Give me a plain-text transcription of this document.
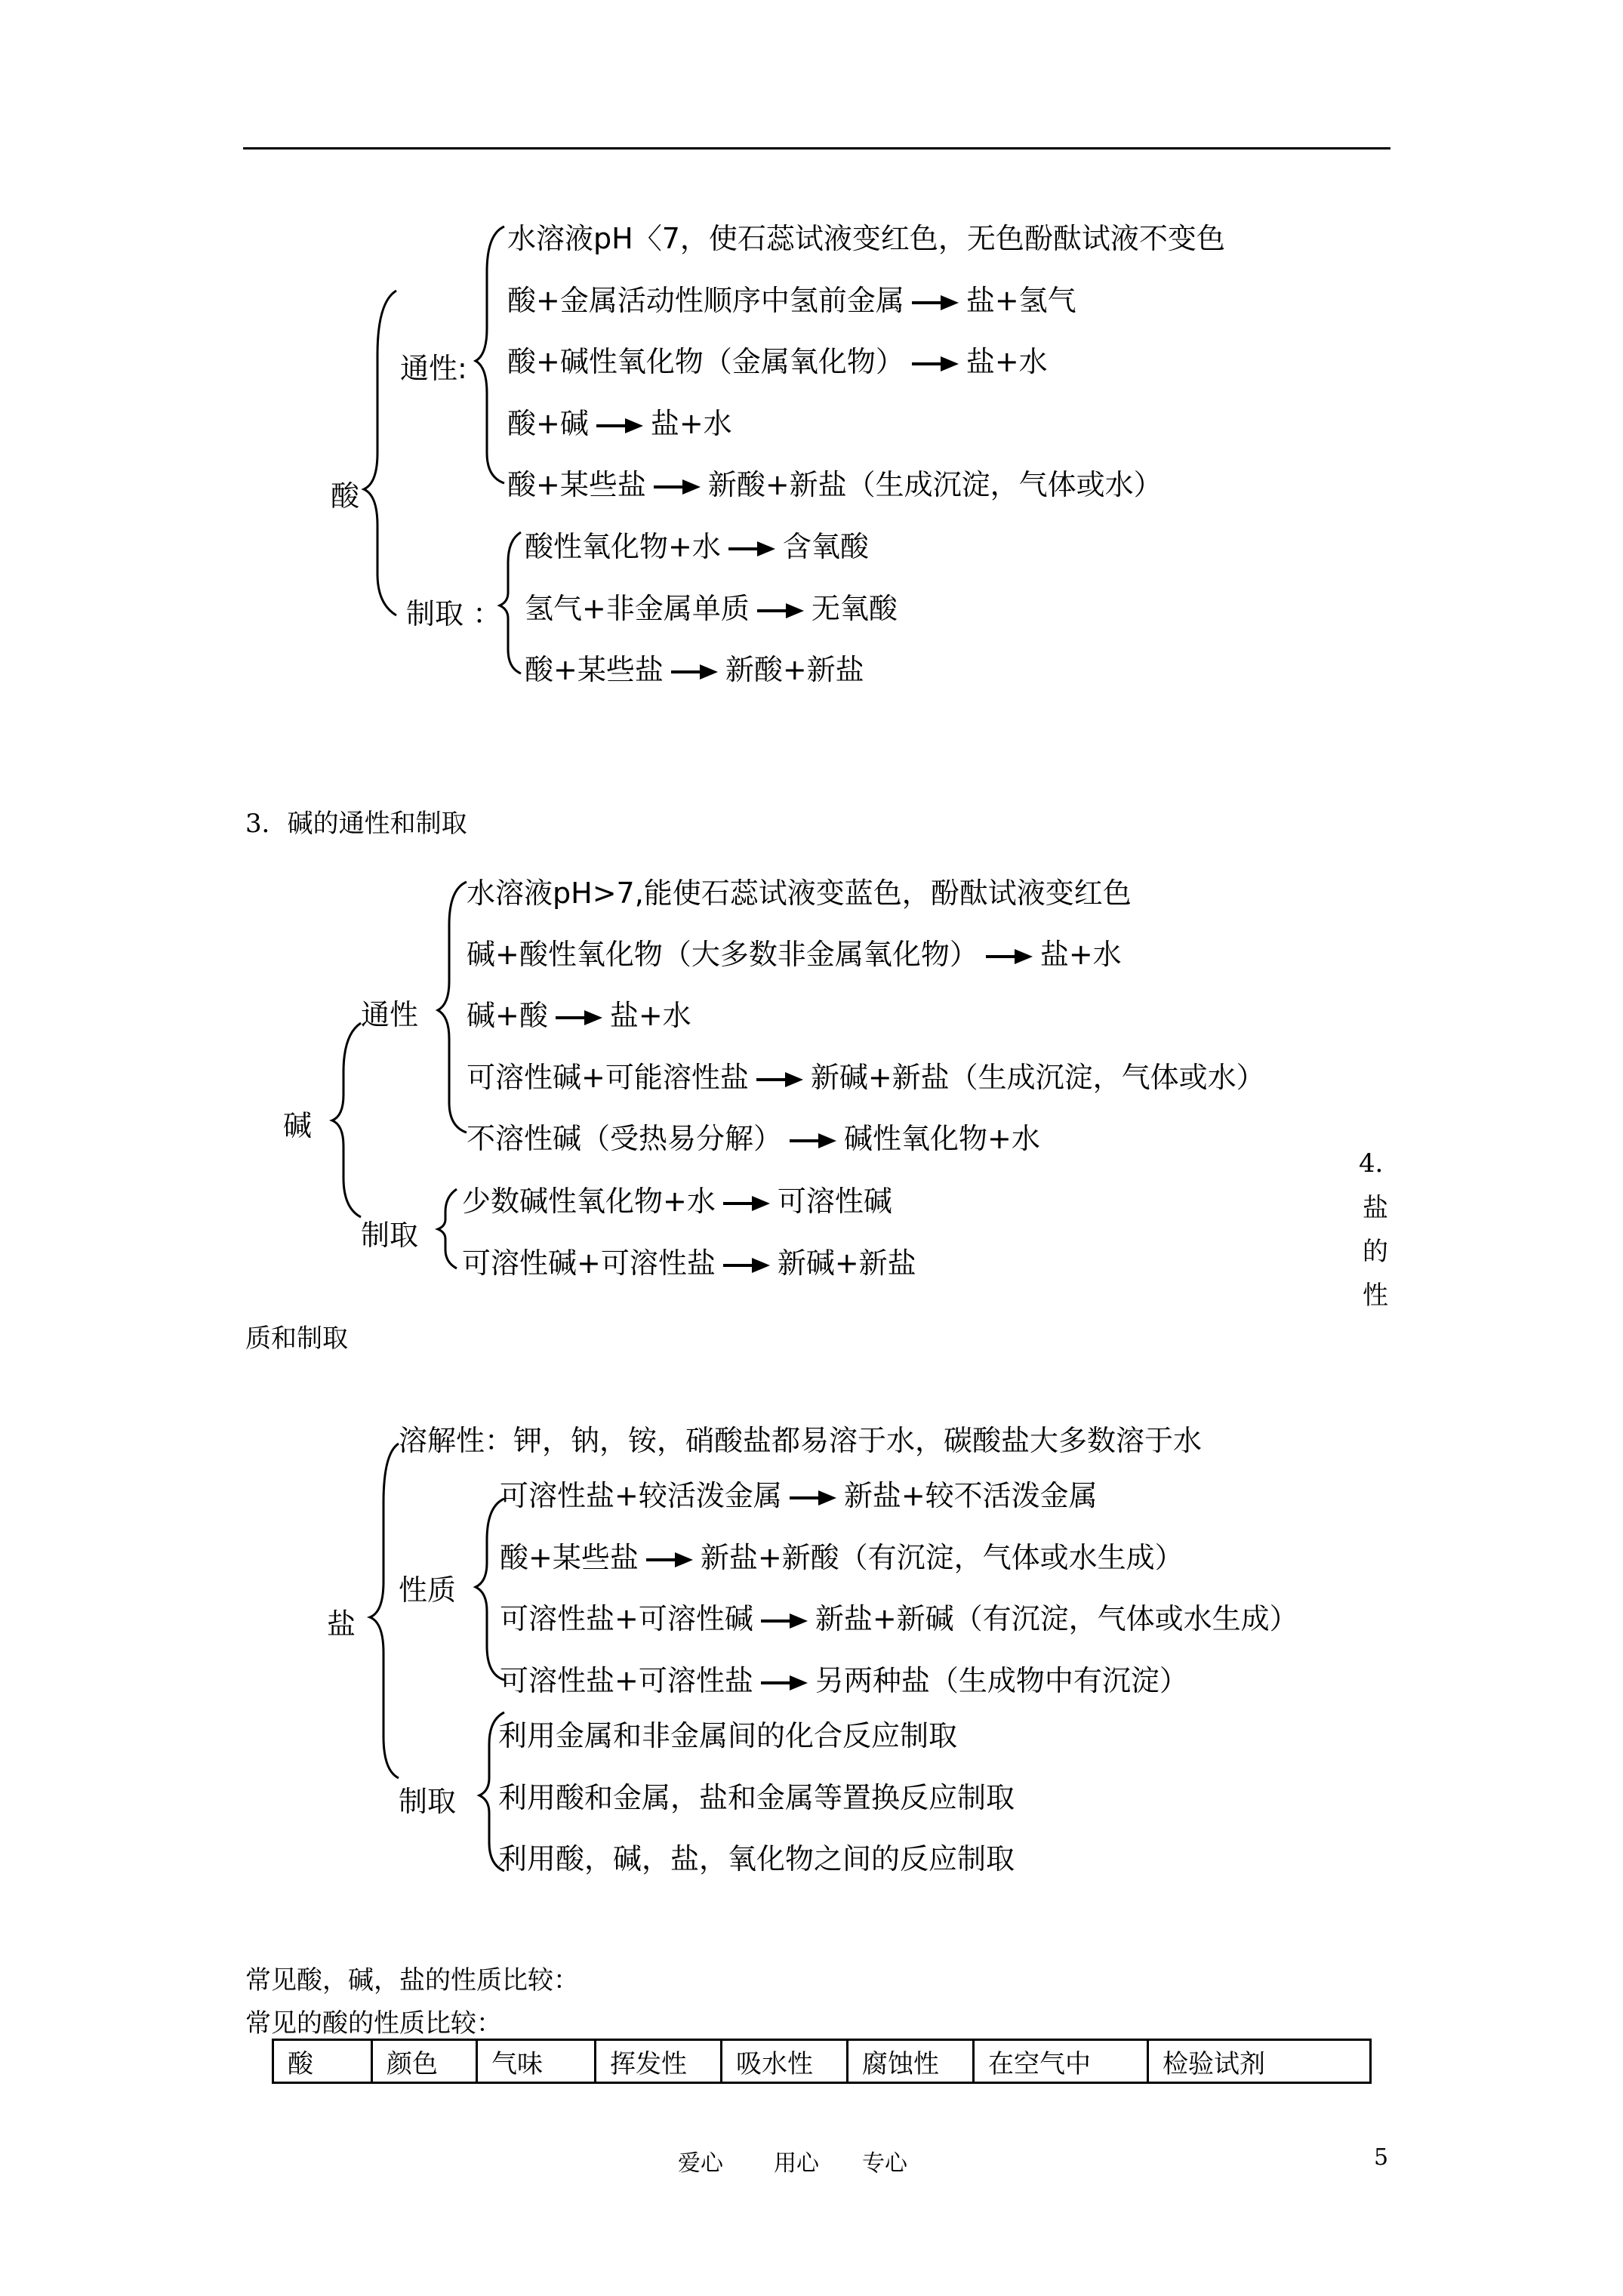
酸
通性:
制取 ：
水溶液pH〈7，使石蕊试液变红色，无色酚酞试液不变色
酸+金属活动性顺序中氢前金属 盐+氢气
酸+碱性氧化物（金属氧化物） 盐+水
酸+碱 盐+水
酸+某些盐 新酸+新盐（生成沉淀，气体或水）
酸性氧化物+水 含氧酸
氢气+非金属单质 无氧酸
酸+某些盐 新酸+新盐
3．碱的通性和制取
碱
通性
制取
水溶液pH>7,能使石蕊试液变蓝色，酚酞试液变红色
碱+酸性氧化物（大多数非金属氧化物） 盐+水
碱+酸 盐+水
可溶性碱+可能溶性盐 新碱+新盐（生成沉淀，气体或水）
不溶性碱（受热易分解） 碱性氧化物+水
少数碱性氧化物+水 可溶性碱
可溶性碱+可溶性盐 新碱+新盐
4．
盐
的
性
质和制取
盐
溶解性：钾，钠，铵，硝酸盐都易溶于水，碳酸盐大多数溶于水
性质
制取
可溶性盐+较活泼金属 新盐+较不活泼金属
酸+某些盐 新盐+新酸（有沉淀，气体或水生成）
可溶性盐+可溶性碱 新盐+新碱（有沉淀，气体或水生成）
可溶性盐+可溶性盐 另两种盐（生成物中有沉淀）
利用金属和非金属间的化合反应制取
利用酸和金属，盐和金属等置换反应制取
利用酸，碱，盐，氧化物之间的反应制取
常见酸，碱，盐的性质比较：
常见的酸的性质比较：
酸	颜色	气味	挥发性	吸水性	腐蚀性	在空气中	检验试剂
爱心 用心 专心	5
